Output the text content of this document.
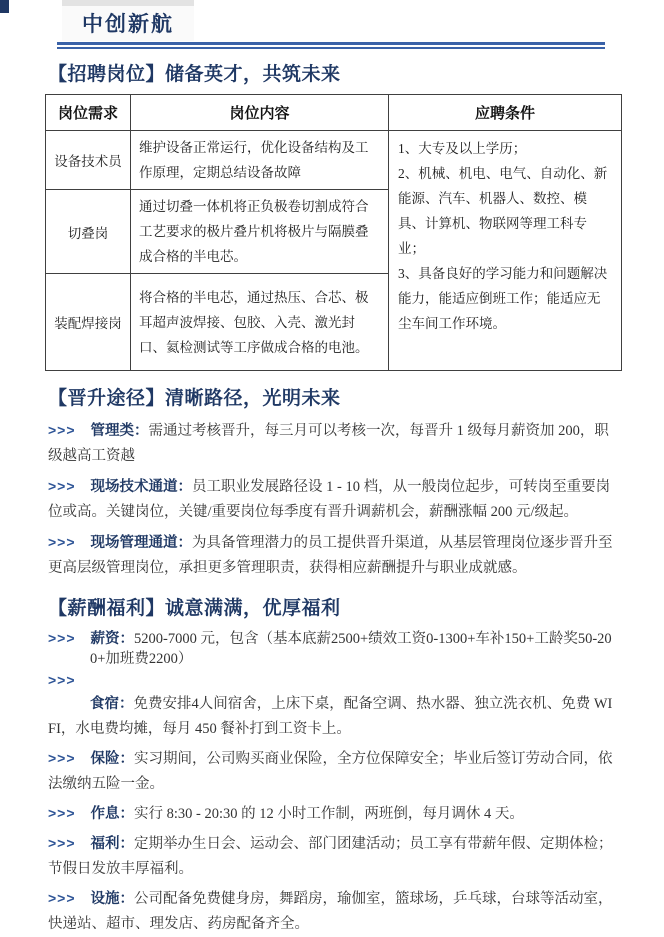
中创新航
【招聘岗位】储备英才，共筑未来
岗位需求	岗位内容	应聘条件
设备技术员	维护设备正常运行，优化设备结构及工作原理，定期总结设备故障	1、大专及以上学历；
2、机械、机电、电气、自动化、新能源、汽车、机器人、数控、模具、计算机、物联网等理工科专业；
3、具备良好的学习能力和问题解决能力，能适应倒班工作；能适应无尘车间工作环境。

切叠岗	通过切叠一体机将正负极卷切割成符合工艺要求的极片叠片机将极片与隔膜叠成合格的半电芯。	
装配焊接岗	将合格的半电芯，通过热压、合芯、极耳超声波焊接、包胶、入壳、激光封口、氦检测试等工序做成合格的电池。	
【晋升途径】清晰路径，光明未来

>>> 管理类：需通过考核晋升，每三月可以考核一次，每晋升 1 级每月薪资加 200，职级越高工资越

>>> 现场技术通道：员工职业发展路径设 1 - 10 档，从一般岗位起步，可转岗至重要岗位或高。关键岗位，关键/重要岗位每季度有晋升调薪机会，薪酬涨幅 200 元/级起。

>>> 现场管理通道：为具备管理潜力的员工提供晋升渠道，从基层管理岗位逐步晋升至更高层级管理岗位，承担更多管理职责，获得相应薪酬提升与职业成就感。

【薪酬福利】诚意满满，优厚福利

>>> 薪资：5200-7000 元，包含（基本底薪2500+绩效工资0-1300+车补150+工龄奖50-200+加班费2200）

>>>

食宿：免费安排4人间宿舍，上床下桌，配备空调、热水器、独立洗衣机、免费 WIFI，水电费均摊，每月 450 餐补打到工资卡上。

>>> 保险：实习期间，公司购买商业保险，全方位保障安全；毕业后签订劳动合同，依法缴纳五险一金。

>>> 作息：实行 8:30 - 20:30 的 12 小时工作制，两班倒，每月调休 4 天。

>>> 福利：定期举办生日会、运动会、部门团建活动；员工享有带薪年假、定期体检；节假日发放丰厚福利。

>>> 设施：公司配备免费健身房，舞蹈房，瑜伽室，篮球场，乒乓球，台球等活动室，快递站、超市、理发店、药房配备齐全。
